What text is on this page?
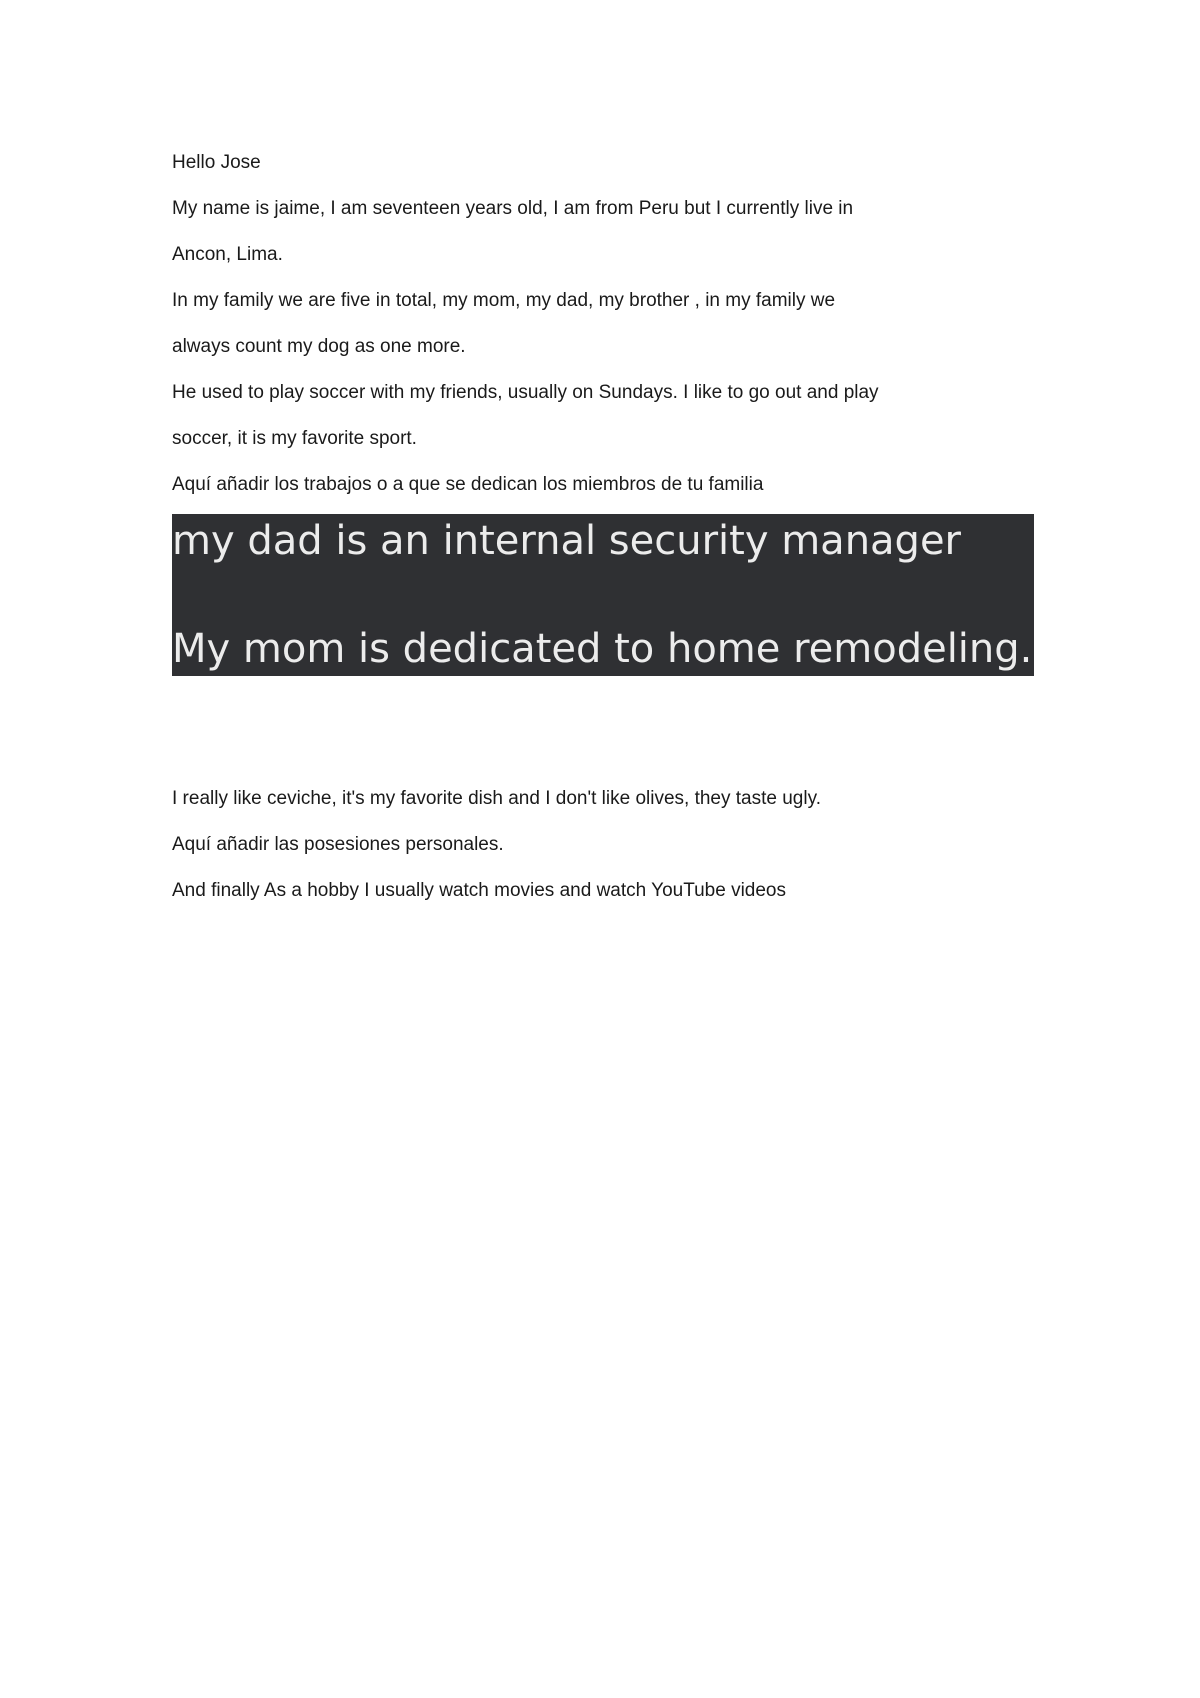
Hello Jose

My name is jaime, I am seventeen years old, I am from Peru but I currently live in

Ancon, Lima.

In my family we are five in total, my mom, my dad, my brother , in my family we

always count my dog as one more.

He used to play soccer with my friends, usually on Sundays. I like to go out and play

soccer, it is my favorite sport.

Aquí añadir los trabajos o a que se dedican los miembros de tu familia

my dad is an internal security manager
My mom is dedicated to home remodeling.

I really like ceviche, it's my favorite dish and I don't like olives, they taste ugly.

Aquí añadir las posesiones personales.

And finally As a hobby I usually watch movies and watch YouTube videos
